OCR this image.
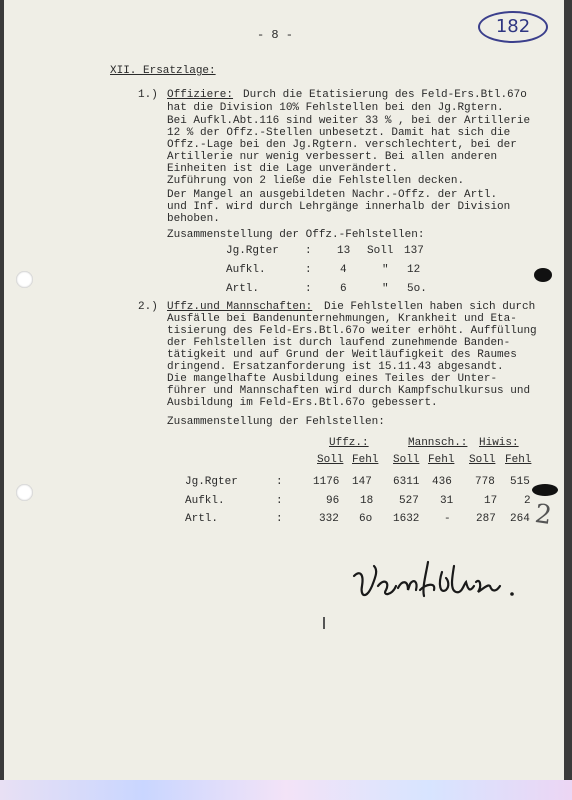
- 8 -	182
XII. Ersatzlage:
1.) Offiziere: Durch die Etatisierung des Feld-Ers.Btl.67o
hat die Division 10% Fehlstellen bei den Jg.Rgtern.
Bei Aufkl.Abt.116 sind weiter 33 % , bei der Artillerie
12 % der Offz.-Stellen unbesetzt. Damit hat sich die
Offz.-Lage bei den Jg.Rgtern. verschlechtert, bei der
Artillerie nur wenig verbessert. Bei allen anderen
Einheiten ist die Lage unverändert.
Zuführung von 2 ließe die Fehlstellen decken.
Der Mangel an ausgebildeten Nachr.-Offz. der Artl.
und Inf. wird durch Lehrgänge innerhalb der Division
behoben.
Zusammenstellung der Offz.-Fehlstellen:
Jg.Rgter : 13 Soll 137
Aufkl.	:	4	" 12
Artl.	:	6	" 5o.
2.) Uffz.und Mannschaften: Die Fehlstellen haben sich durch
Ausfälle bei Bandenunternehmungen, Krankheit und Eta-
tisierung des Feld-Ers.Btl.67o weiter erhöht. Auffüllung
der Fehlstellen ist durch laufend zunehmende Banden-
tätigkeit und auf Grund der Weitläufigkeit des Raumes
dringend. Ersatzanforderung ist 15.11.43 abgesandt.
Die mangelhafte Ausbildung eines Teiles der Unter-
führer und Mannschaften wird durch Kampfschulkursus und
Ausbildung im Feld-Ers.Btl.67o gebessert.
Zusammenstellung der Fehlstellen:
Uffz.:	Mannsch.: Hiwis:
Soll Fehl Soll Fehl Soll Fehl
Jg.Rgter	:	1176 147 6311 436 778 515
Aufkl.	:	96 18 527 31	17 2
Artl.	:	332 6o 1632 - 287 264 2
